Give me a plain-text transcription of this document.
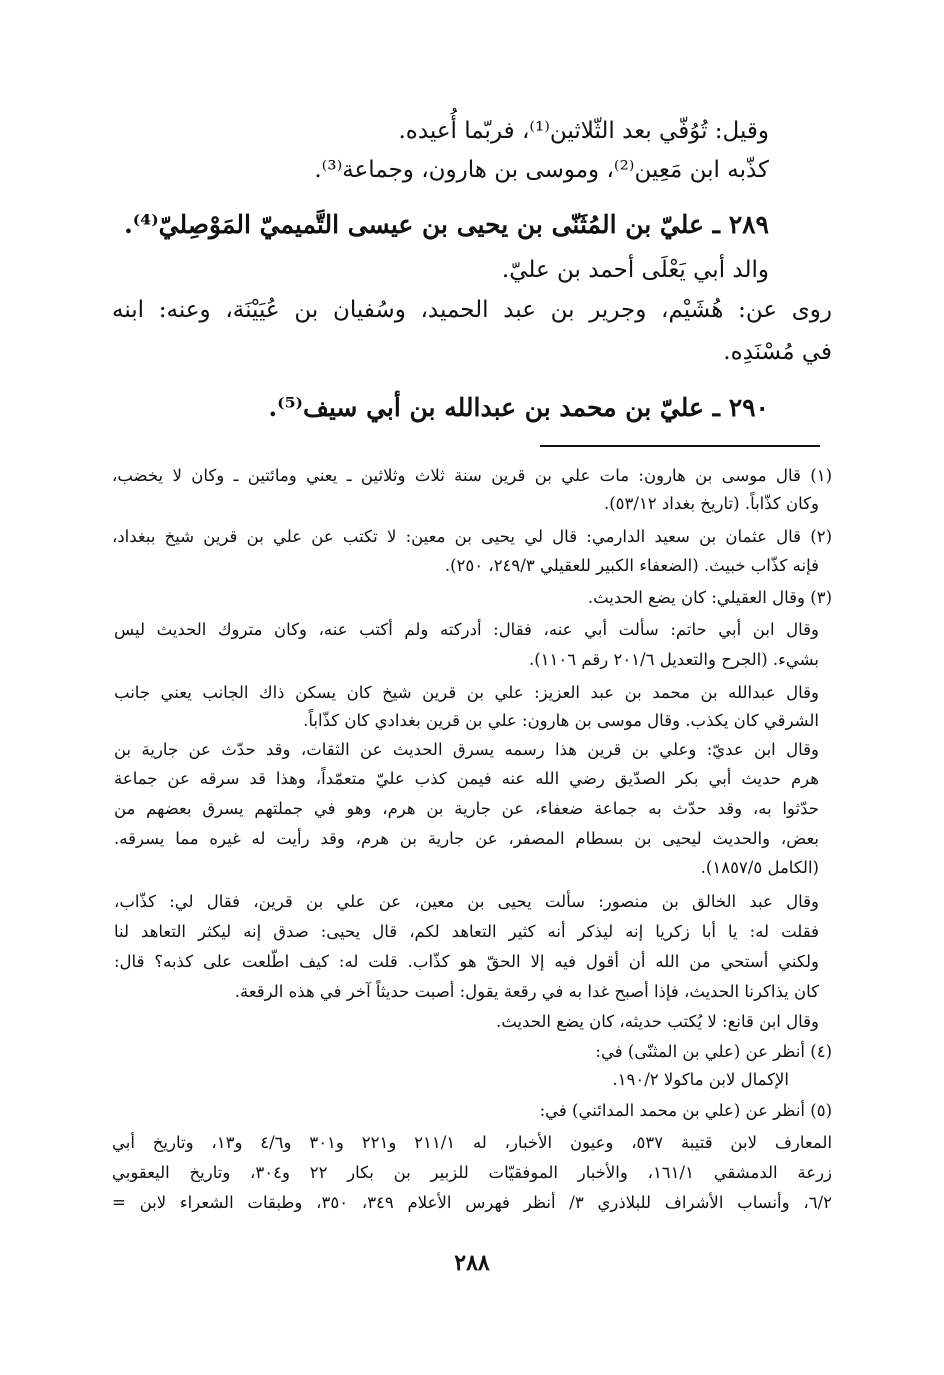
وقيل: تُوُفّي بعد الثّلاثين⁽¹⁾، فربّما أُعيده.
كذّبه ابن مَعِين⁽²⁾، وموسى بن هارون، وجماعة⁽³⁾.
٢٨٩ ـ عليّ بن المُثَنّى بن يحيى بن عيسى التَّميميّ المَوْصِليّ⁽⁴⁾.
والد أبي يَعْلَى أحمد بن عليّ.
روى عن: هُشَيْم، وجرير بن عبد الحميد، وسُفيان بن عُيَيْنَة، وعنه: ابنه
في مُسْنَدِه.
٢٩٠ ـ عليّ بن محمد بن عبدالله بن أبي سيف⁽⁵⁾.
(١) قال موسى بن هارون: مات علي بن قرين سنة ثلاث وثلاثين ـ يعني ومائتين ـ وكان لا يخضب،
وكان كذّاباً. (تاريخ بغداد ٥٣/١٢).
(٢) قال عثمان بن سعيد الدارمي: قال لي يحيى بن معين: لا تكتب عن علي بن قرين شيخ ببغداد،
فإنه كذّاب خبيث. (الضعفاء الكبير للعقيلي ٢٤٩/٣، ٢٥٠).
(٣) وقال العقيلي: كان يضع الحديث.
وقال ابن أبي حاتم: سألت أبي عنه، فقال: أدركته ولم أكتب عنه، وكان متروك الحديث ليس
بشيء. (الجرح والتعديل ٢٠١/٦ رقم ١١٠٦).
وقال عبدالله بن محمد بن عبد العزيز: علي بن قرين شيخ كان يسكن ذاك الجانب يعني جانب
الشرقي كان يكذب. وقال موسى بن هارون: علي بن قرين بغدادي كان كذّاباً.
وقال ابن عديّ: وعلي بن قرين هذا رسمه يسرق الحديث عن الثقات، وقد حدّث عن جارية بن
هرم حديث أبي بكر الصدّيق رضي الله عنه فيمن كذب عليّ متعمّداً، وهذا قد سرقه عن جماعة
حدّثوا به، وقد حدّث به جماعة ضعفاء، عن جارية بن هرم، وهو في جملتهم يسرق بعضهم من
بعض، والحديث ليحيى بن بسطام المصفر، عن جارية بن هرم، وقد رأيت له غيره مما يسرقه.
(الكامل ١٨٥٧/٥).
وقال عبد الخالق بن منصور: سألت يحيى بن معين، عن علي بن قرين، فقال لي: كذّاب،
فقلت له: يا أبا زكريا إنه ليذكر أنه كثير التعاهد لكم، قال يحيى: صدق إنه ليكثر التعاهد لنا
ولكني أستحي من الله أن أقول فيه إلا الحقّ هو كذّاب. قلت له: كيف اطّلعت على كذبه؟ قال:
كان يذاكرنا الحديث، فإذا أصبح غدا به في رقعة يقول: أصبت حديثاً آخر في هذه الرقعة.
وقال ابن قانع: لا يُكتب حديثه، كان يضع الحديث.
(٤) أنظر عن (علي بن المثنّى) في:
الإكمال لابن ماكولا ١٩٠/٢.
(٥) أنظر عن (علي بن محمد المدائني) في:
المعارف لابن قتيبة ٥٣٧، وعيون الأخبار، له ٢١١/١ و٢٢١ و٣٠١ و٤/٦ و١٣، وتاريخ أبي
زرعة الدمشقي ١٦١/١، والأخبار الموفقيّات للزبير بن بكار ٢٢ و٣٠٤، وتاريخ اليعقوبي
٦/٢، وأنساب الأشراف للبلاذري ٣/ أنظر فهرس الأعلام ٣٤٩، ٣٥٠، وطبقات الشعراء لابن =
٢٨٨
